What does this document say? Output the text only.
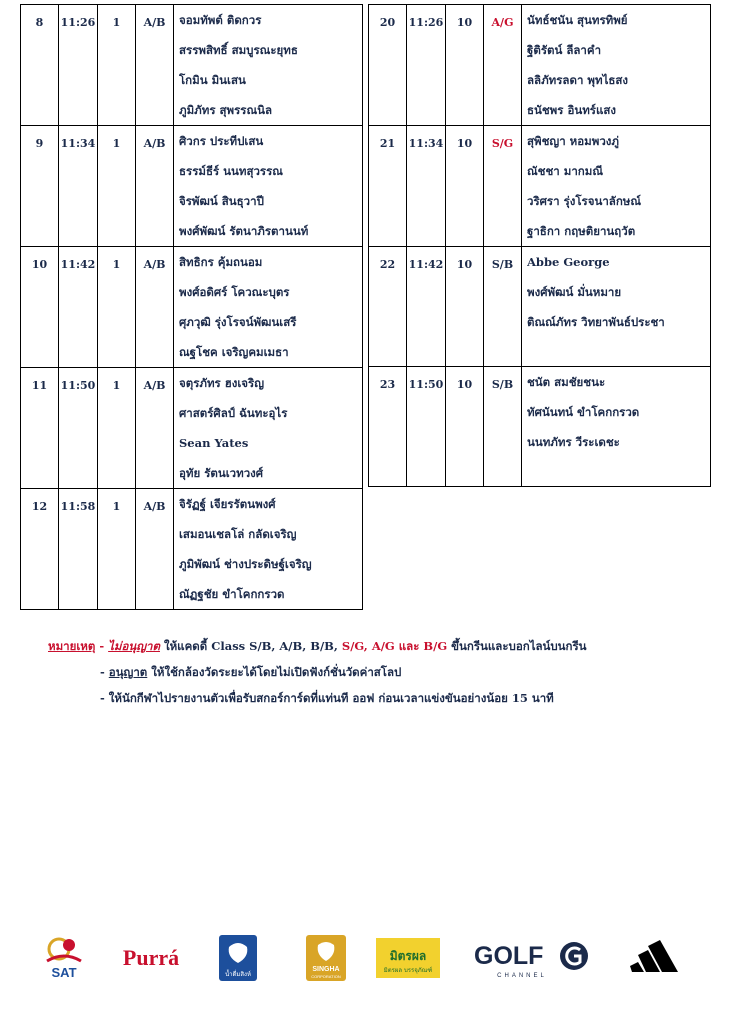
8	11:26	1	A/B	จอมทัพต์ ติดกวร
สรรพสิทธิ์ สมบูรณะยุทธ
โกมิน มินเสน
ภูมิภัทร สุพรรณนิล

9	11:34	1	A/B	ศิวกร ประทีปเสน
ธรรม์ธีร์ นนทสุวรรณ
จิรพัฒน์ สินธุวาปี
พงศ์พัฒน์ รัตนาภิรตานนท์

10	11:42	1	A/B	สิทธิกร คุ้มถนอม
พงศ์อดิศร์ โควณะบุตร
ศุภวุฒิ รุ่งโรจน์พัฒนเสรี
ณฐโชค เจริญคมเมธา

11	11:50	1	A/B	จตุรภัทร ฮงเจริญ
ศาสตร์ศิลป์ ฉันทะอุไร
Sean Yates
อุทัย รัตนเวทวงศ์

12	11:58	1	A/B	จิรัฏฐ์ เจียรรัตนพงศ์
เสมอนเชลโล่ กลัดเจริญ
ภูมิพัฒน์ ช่างประดิษฐ์เจริญ
ณัฏฐชัย ขำโคกกรวด
20	11:26	10	A/G	นัทธ์ชนัน สุนทรทิพย์
ฐิติรัตน์ ลีลาคำ
ลลิภัทรลดา พุทไธสง
ธนัชพร อินทร์แสง

21	11:34	10	S/G	สุพิชญา หอมพวงภู่
ณัชชา มากมณี
วริศรา รุ่งโรจนาลักษณ์
ฐาธิกา กฤษติยานฤวัต

22	11:42	10	S/B	Abbe George
พงศ์พัฒน์ มั่นหมาย
ติณณ์ภัทร วิทยาพันธ์ประชา

23	11:50	10	S/B	ชนัต สมชัยชนะ
ทัศนันทน์ ขำโคกกรวด
นนทภัทร วีระเดชะ
หมายเหตุ - ไม่อนุญาต ให้แคดดี้ Class S/B, A/B, B/B, S/G, A/G และ B/G ขึ้นกรีนและบอกไลน์บนกรีน
- อนุญาต ให้ใช้กล้องวัดระยะได้โดยไม่เปิดฟังก์ชั่นวัดค่าสโลป
- ให้นักกีฬาไปรายงานตัวเพื่อรับสกอร์การ์ดที่แท่นที ออฟ ก่อนเวลาแข่งขันอย่างน้อย 15 นาที
SAT
Purrá
น้ำดื่มสิงห์
SINGHA
CORPORATION
มิตรผล
มิตรผล บรรจุภัณฑ์
GOLF
CHANNEL
